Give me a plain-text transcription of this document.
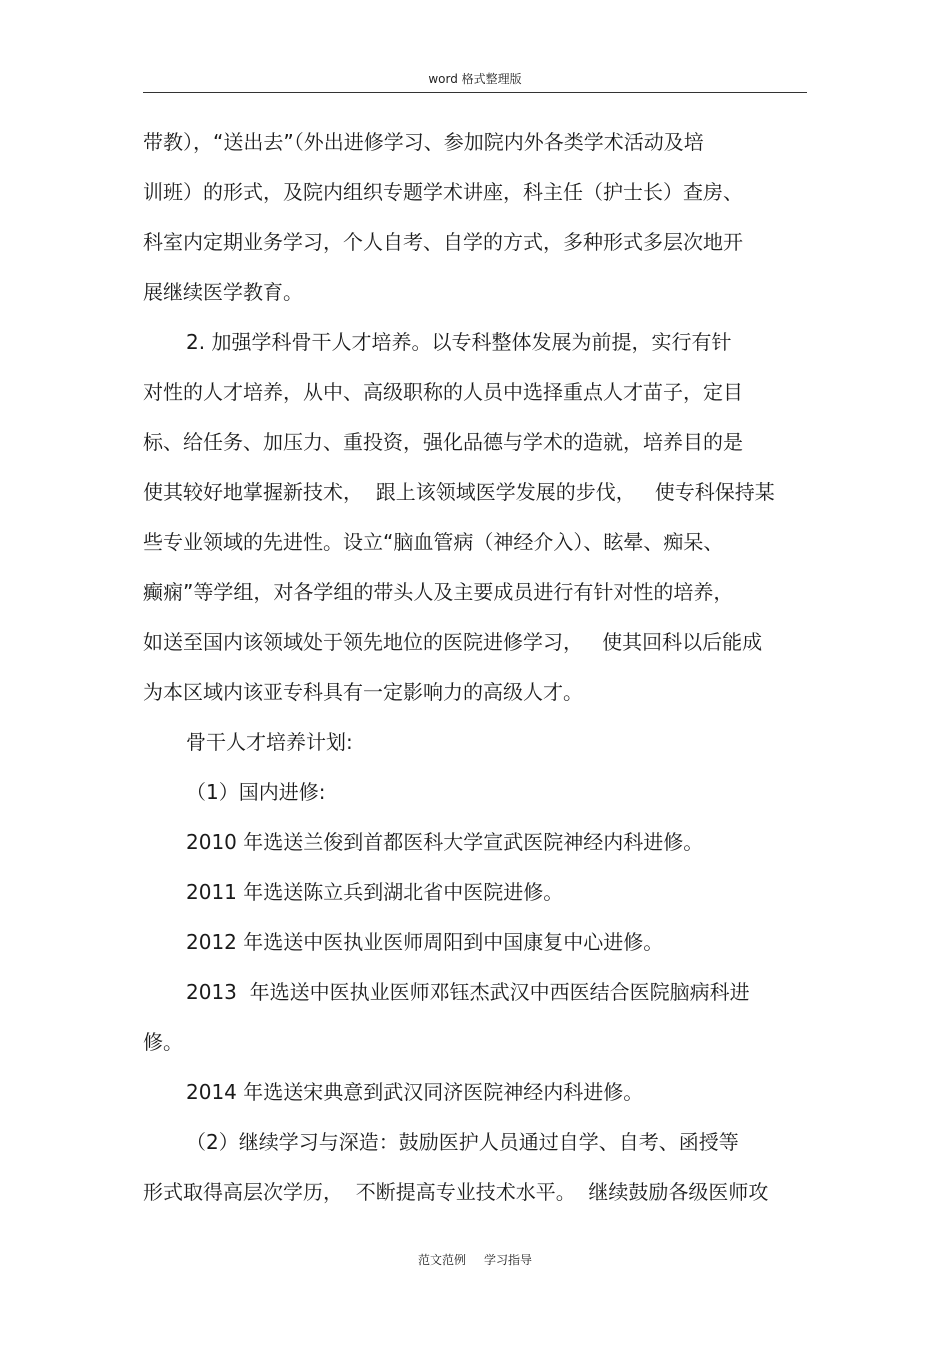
word 格式整理版
带教），“送出去”（外出进修学习、参加院内外各类学术活动及培
训班）的形式，及院内组织专题学术讲座，科主任（护士长）查房、
科室内定期业务学习，个人自考、自学的方式，多种形式多层次地开
展继续医学教育。
2. 加强学科骨干人才培养。以专科整体发展为前提，实行有针
对性的人才培养，从中、高级职称的人员中选择重点人才苗子，定目
标、给任务、加压力、重投资，强化品德与学术的造就，培养目的是
使其较好地掌握新技术，  跟上该领域医学发展的步伐，   使专科保持某
些专业领域的先进性。设立“脑血管病（神经介入）、眩晕、痴呆、
癫痫”等学组，对各学组的带头人及主要成员进行有针对性的培养，
如送至国内该领域处于领先地位的医院进修学习，   使其回科以后能成
为本区域内该亚专科具有一定影响力的高级人才。
骨干人才培养计划:
（1）国内进修:
2010 年选送兰俊到首都医科大学宣武医院神经内科进修。
2011 年选送陈立兵到湖北省中医院进修。
2012 年选送中医执业医师周阳到中国康复中心进修。
2013  年选送中医执业医师邓钰杰武汉中西医结合医院脑病科进
修。
2014 年选送宋典意到武汉同济医院神经内科进修。
（2）继续学习与深造：鼓励医护人员通过自学、自考、函授等
形式取得高层次学历，  不断提高专业技术水平。  继续鼓励各级医师攻
范文范例 学习指导
